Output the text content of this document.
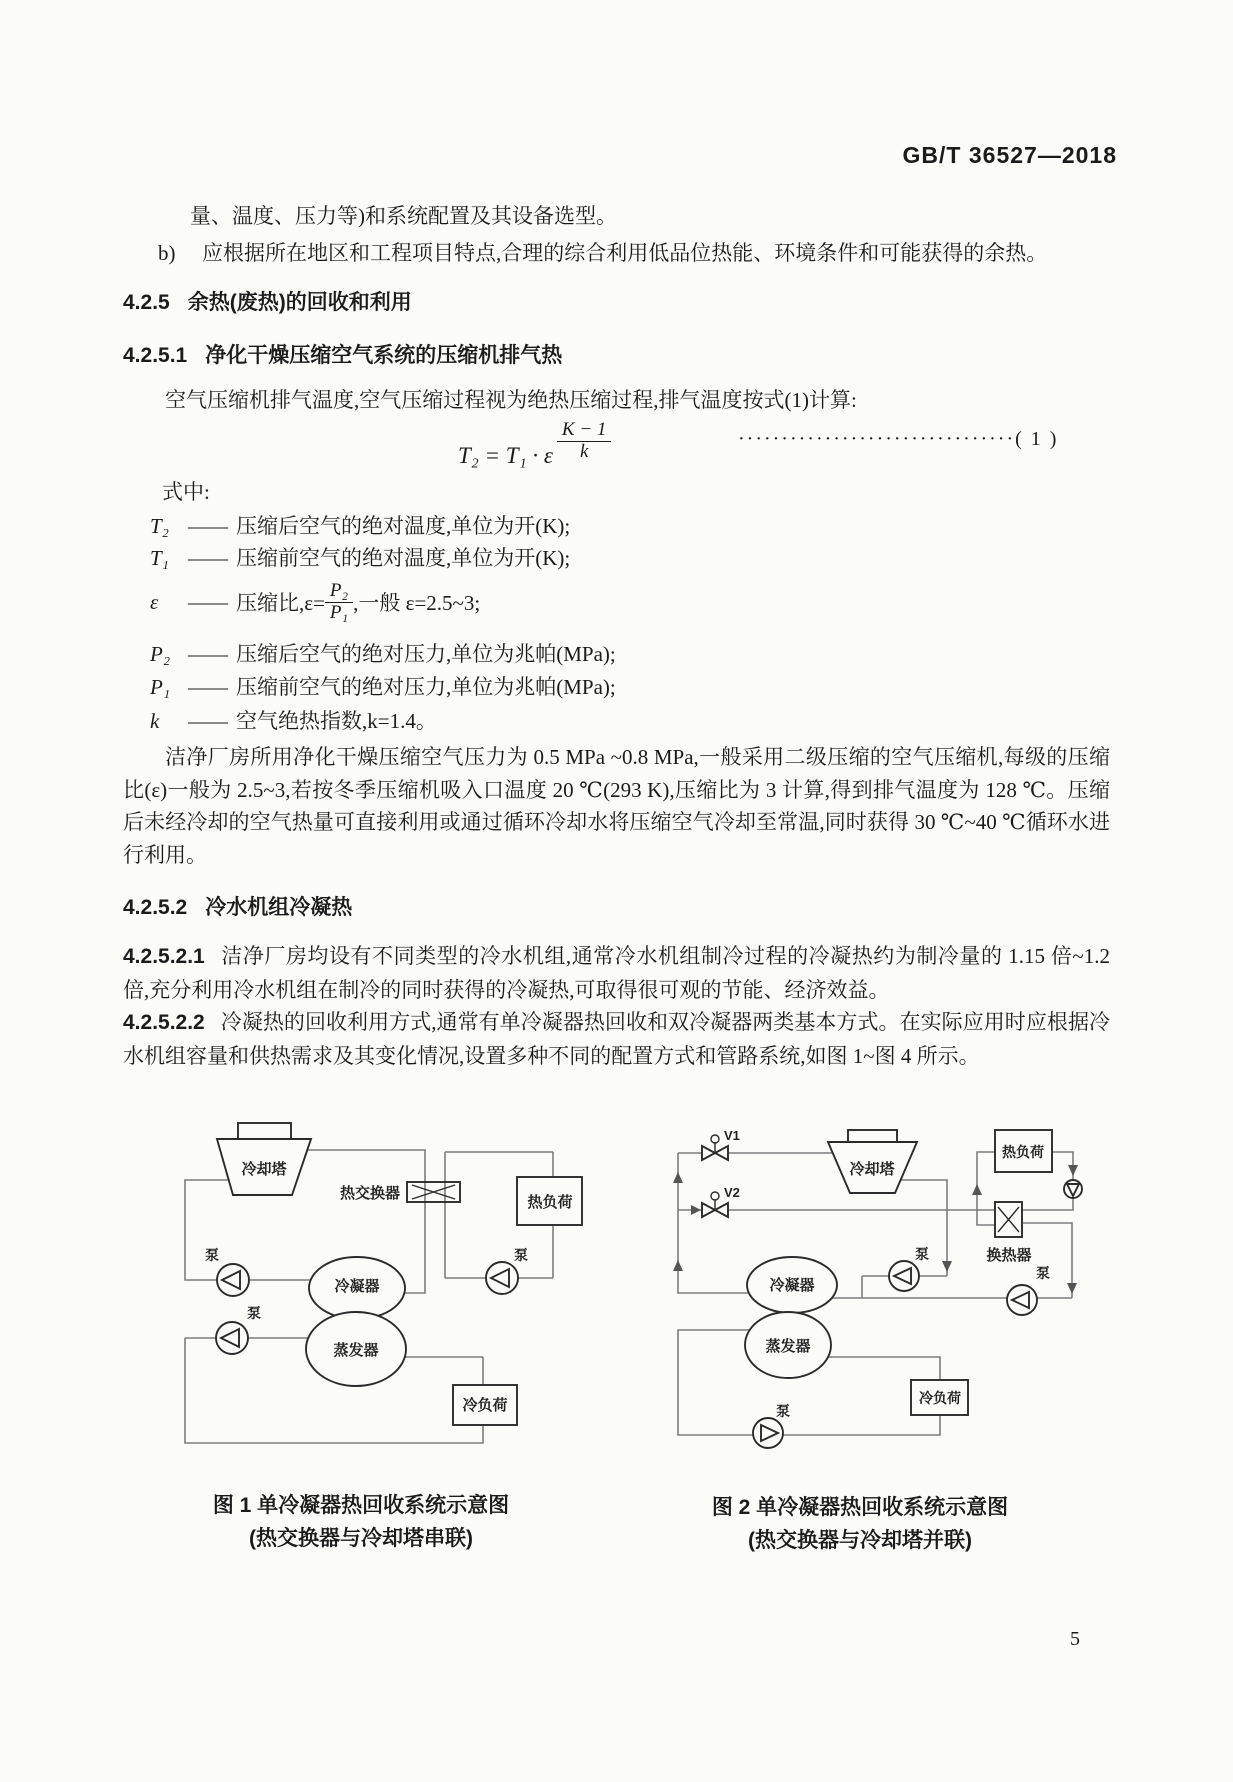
GB/T 36527—2018
量、温度、压力等)和系统配置及其设备选型。
b) 应根据所在地区和工程项目特点,合理的综合利用低品位热能、环境条件和可能获得的余热。
4.2.5 余热(废热)的回收和利用
4.2.5.1 净化干燥压缩空气系统的压缩机排气热
空气压缩机排气温度,空气压缩过程视为绝热压缩过程,排气温度按式(1)计算:
T₂ = T₁ · ε $\frac{K - 1}{k}$	································( 1 )
式中:
T₂ —— 压缩后空气的绝对温度,单位为开(K);
T₁ —— 压缩前空气的绝对温度,单位为开(K);
ε	—— 压缩比$,\varepsilon= \frac{\text{P₂}}{\text{P₁}}$ ,一般 ε=2.5~3;
P₂ —— 压缩后空气的绝对压力,单位为兆帕(MPa);
P₁ —— 压缩前空气的绝对压力,单位为兆帕(MPa);
k —— 空气绝热指数,k=1.4。
洁净厂房所用净化干燥压缩空气压力为 0.5 MPa ~0.8 MPa,一般采用二级压缩的空气压缩机,每级的压缩比(ε)一般为 2.5~3,若按冬季压缩机吸入口温度 20 ℃(293 K),压缩比为 3 计算,得到排气温度为 128 ℃。压缩后未经冷却的空气热量可直接利用或通过循环冷却水将压缩空气冷却至常温,同时获得 30 ℃~40 ℃循环水进行利用。
4.2.5.2 冷水机组冷凝热
4.2.5.2.1 洁净厂房均设有不同类型的冷水机组,通常冷水机组制冷过程的冷凝热约为制冷量的 1.15 倍~1.2 倍,充分利用冷水机组在制冷的同时获得的冷凝热,可取得很可观的节能、经济效益。
4.2.5.2.2 冷凝热的回收利用方式,通常有单冷凝器热回收和双冷凝器两类基本方式。在实际应用时应根据冷水机组容量和供热需求及其变化情况,设置多种不同的配置方式和管路系统,如图 1~图 4 所示。
冷却塔
热交换器
热负荷
冷凝器
蒸发器
冷负荷
泵
泵
泵
V1
V2
冷却塔
热负荷
换热器
冷凝器
蒸发器
冷负荷
泵
泵
泵
图 1 单冷凝器热回收系统示意图
(热交换器与冷却塔串联)
图 2 单冷凝器热回收系统示意图
(热交换器与冷却塔并联)
5
